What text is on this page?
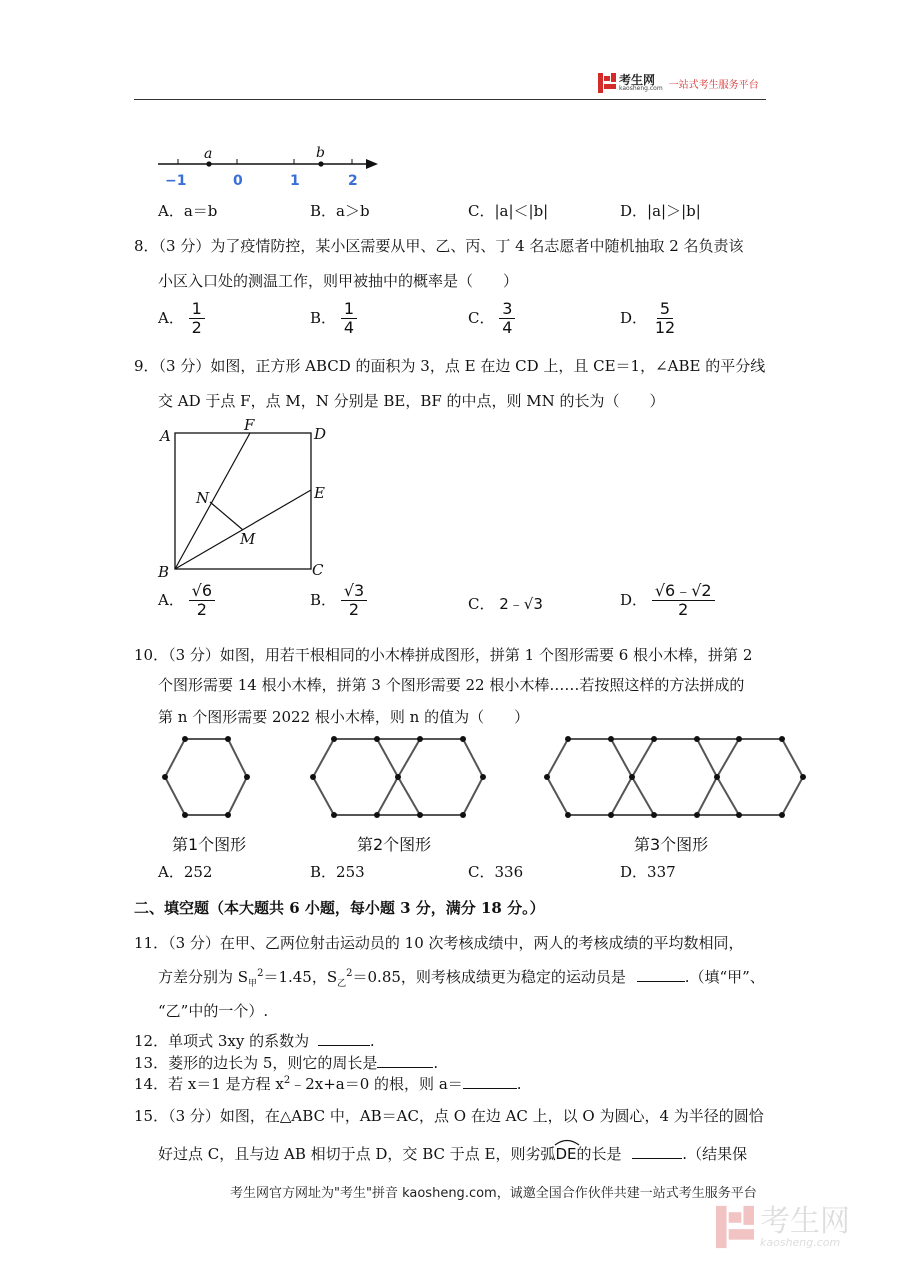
考生网
kaosheng.com 一站式考生服务平台
a	b
−1	0	1	2
A．a＝b	B．a＞b	C．|a|＜|b|	D．|a|＞|b|
8．（3 分）为了疫情防控，某小区需要从甲、乙、丙、丁 4 名志愿者中随机抽取 2 名负责该
小区入口处的测温工作，则甲被抽中的概率是（　　）
A． $\frac{1}{2}$	B． $\frac{1}{4}$	C． $\frac{3}{4}$	D． $\frac{5}{12}$
9．（3 分）如图，正方形 ABCD 的面积为 3，点 E 在边 CD 上，且 CE＝1，∠ABE 的平分线
交 AD 于点 F，点 M，N 分别是 BE，BF 的中点，则 MN 的长为（　　）
A
F	D
E
N
M
B	C
A． $\frac{√6}{2}$	B． $\frac{√3}{2}$	C． 2﹣√3	D． $\frac{√6﹣√2}{2}$
10．（3 分）如图，用若干根相同的小木棒拼成图形，拼第 1 个图形需要 6 根小木棒，拼第 2
个图形需要 14 根小木棒，拼第 3 个图形需要 22 根小木棒……若按照这样的方法拼成的
第 n 个图形需要 2022 根小木棒，则 n 的值为（　　）
第1个图形	第2个图形	第3个图形
A．252	B．253	C．336	D．337
二、填空题（本大题共 6 小题，每小题 3 分，满分 18 分。）
11．（3 分）在甲、乙两位射击运动员的 10 次考核成绩中，两人的考核成绩的平均数相同，
方差分别为 $S_甲^2=1.45$，$S_乙^2=0.85$，则考核成绩更为稳定的运动员是	.（填“甲”、
“乙”中的一个）.
12．单项式 3xy 的系数为	.
13．菱形的边长为 5，则它的周长是	.
14．若 x＝1 是方程 $x^2﹣2x+a=0$ 的根，则 a＝	.
15．（3 分）如图，在△ABC 中，AB＝AC，点 O 在边 AC 上，以 O 为圆心，4 为半径的圆恰
好过点 C，且与边 AB 相切于点 D，交 BC 于点 E，则劣弧
DE的长是	.（结果保
考生网官方网址为"考生"拼音 kaosheng.com，诚邀全国合作伙伴共建一站式考生服务平台
考生网
kaosheng.com
